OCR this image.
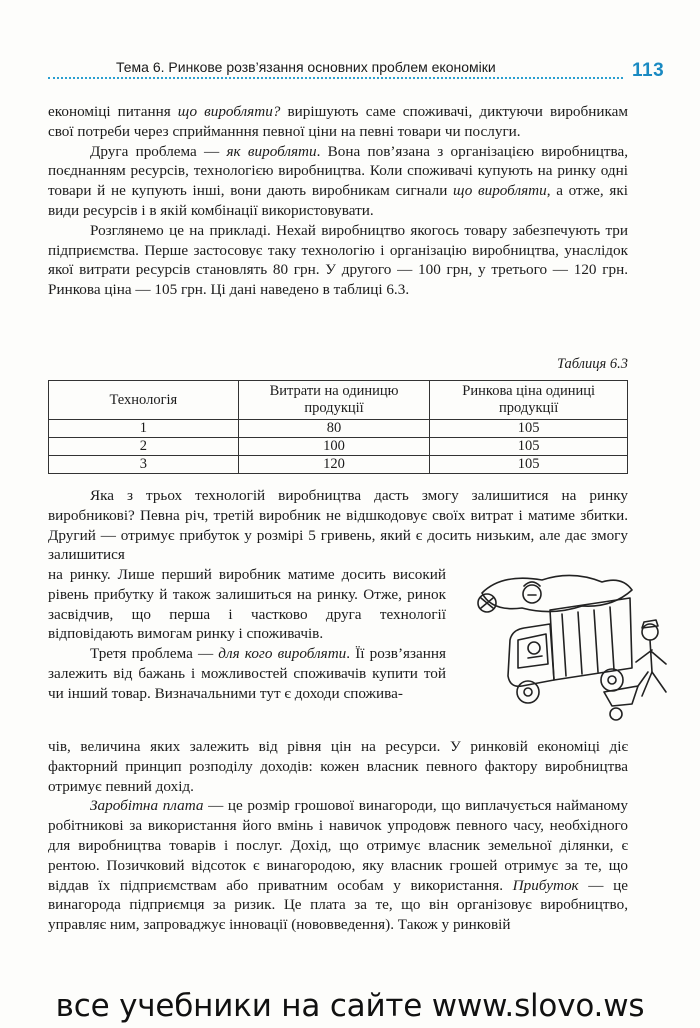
Тема 6. Ринкове розв’язання основних проблем економіки	113

економіці питання що виробляти? вирішують саме споживачі, диктуючи виробникам свої потреби через сприйманння певної ціни на певні товари чи послуги.

Друга проблема — як виробляти. Вона пов’язана з організацією виробництва, поєднанням ресурсів, технологією виробництва. Коли споживачі купують на ринку одні товари й не купують інші, вони дають виробникам сигнали що виробляти, а отже, які види ресурсів і в якій комбінації використовувати.

Розглянемо це на прикладі. Нехай виробництво якогось товару забезпечують три підприємства. Перше застосовує таку технологію і організацію виробництва, унаслідок якої витрати ресурсів становлять 80 грн. У другого — 100 грн, у третього — 120 грн. Ринкова ціна — 105 грн. Ці дані наведено в таблиці 6.3.

Таблиця 6.3
Технологія	Витрати на одиницю продукції	Ринкова ціна одиниці продукції
1	80	105
2	100	105
3	120	105

Яка з трьох технологій виробництва дасть змогу залишитися на ринку виробникові? Певна річ, третій виробник не відшкодовує своїх витрат і матиме збитки. Другий — отримує прибуток у розмірі 5 гривень, який є досить низьким, але дає змогу залишитися

на ринку. Лише перший виробник матиме досить високий рівень прибутку й також залишиться на ринку. Отже, ринок засвідчив, що перша і частково друга технології відповідають вимогам ринку і споживачів.

Третя проблема — для кого виробляти. Її розв’язання залежить від бажань і можливостей споживачів купити той чи інший товар. Визначальними тут є доходи спожива-

чів, величина яких залежить від рівня цін на ресурси. У ринковій економіці діє факторний принцип розподілу доходів: кожен власник певного фактору виробництва отримує певний дохід.

Заробітна плата — це розмір грошової винагороди, що виплачується найманому робітникові за використання його вмінь і навичок упродовж певного часу, необхідного для виробництва товарів і послуг. Дохід, що отримує власник земельної ділянки, є рентою. Позичковий відсоток є винагородою, яку власник грошей отримує за те, що віддав їх підприємствам або приватним особам у використання. Прибуток — це винагорода підприємця за ризик. Це плата за те, що він організовує виробництво, управляє ним, запроваджує інновації (нововведення). Також у ринковій

все учебники на сайте www.slovo.ws
